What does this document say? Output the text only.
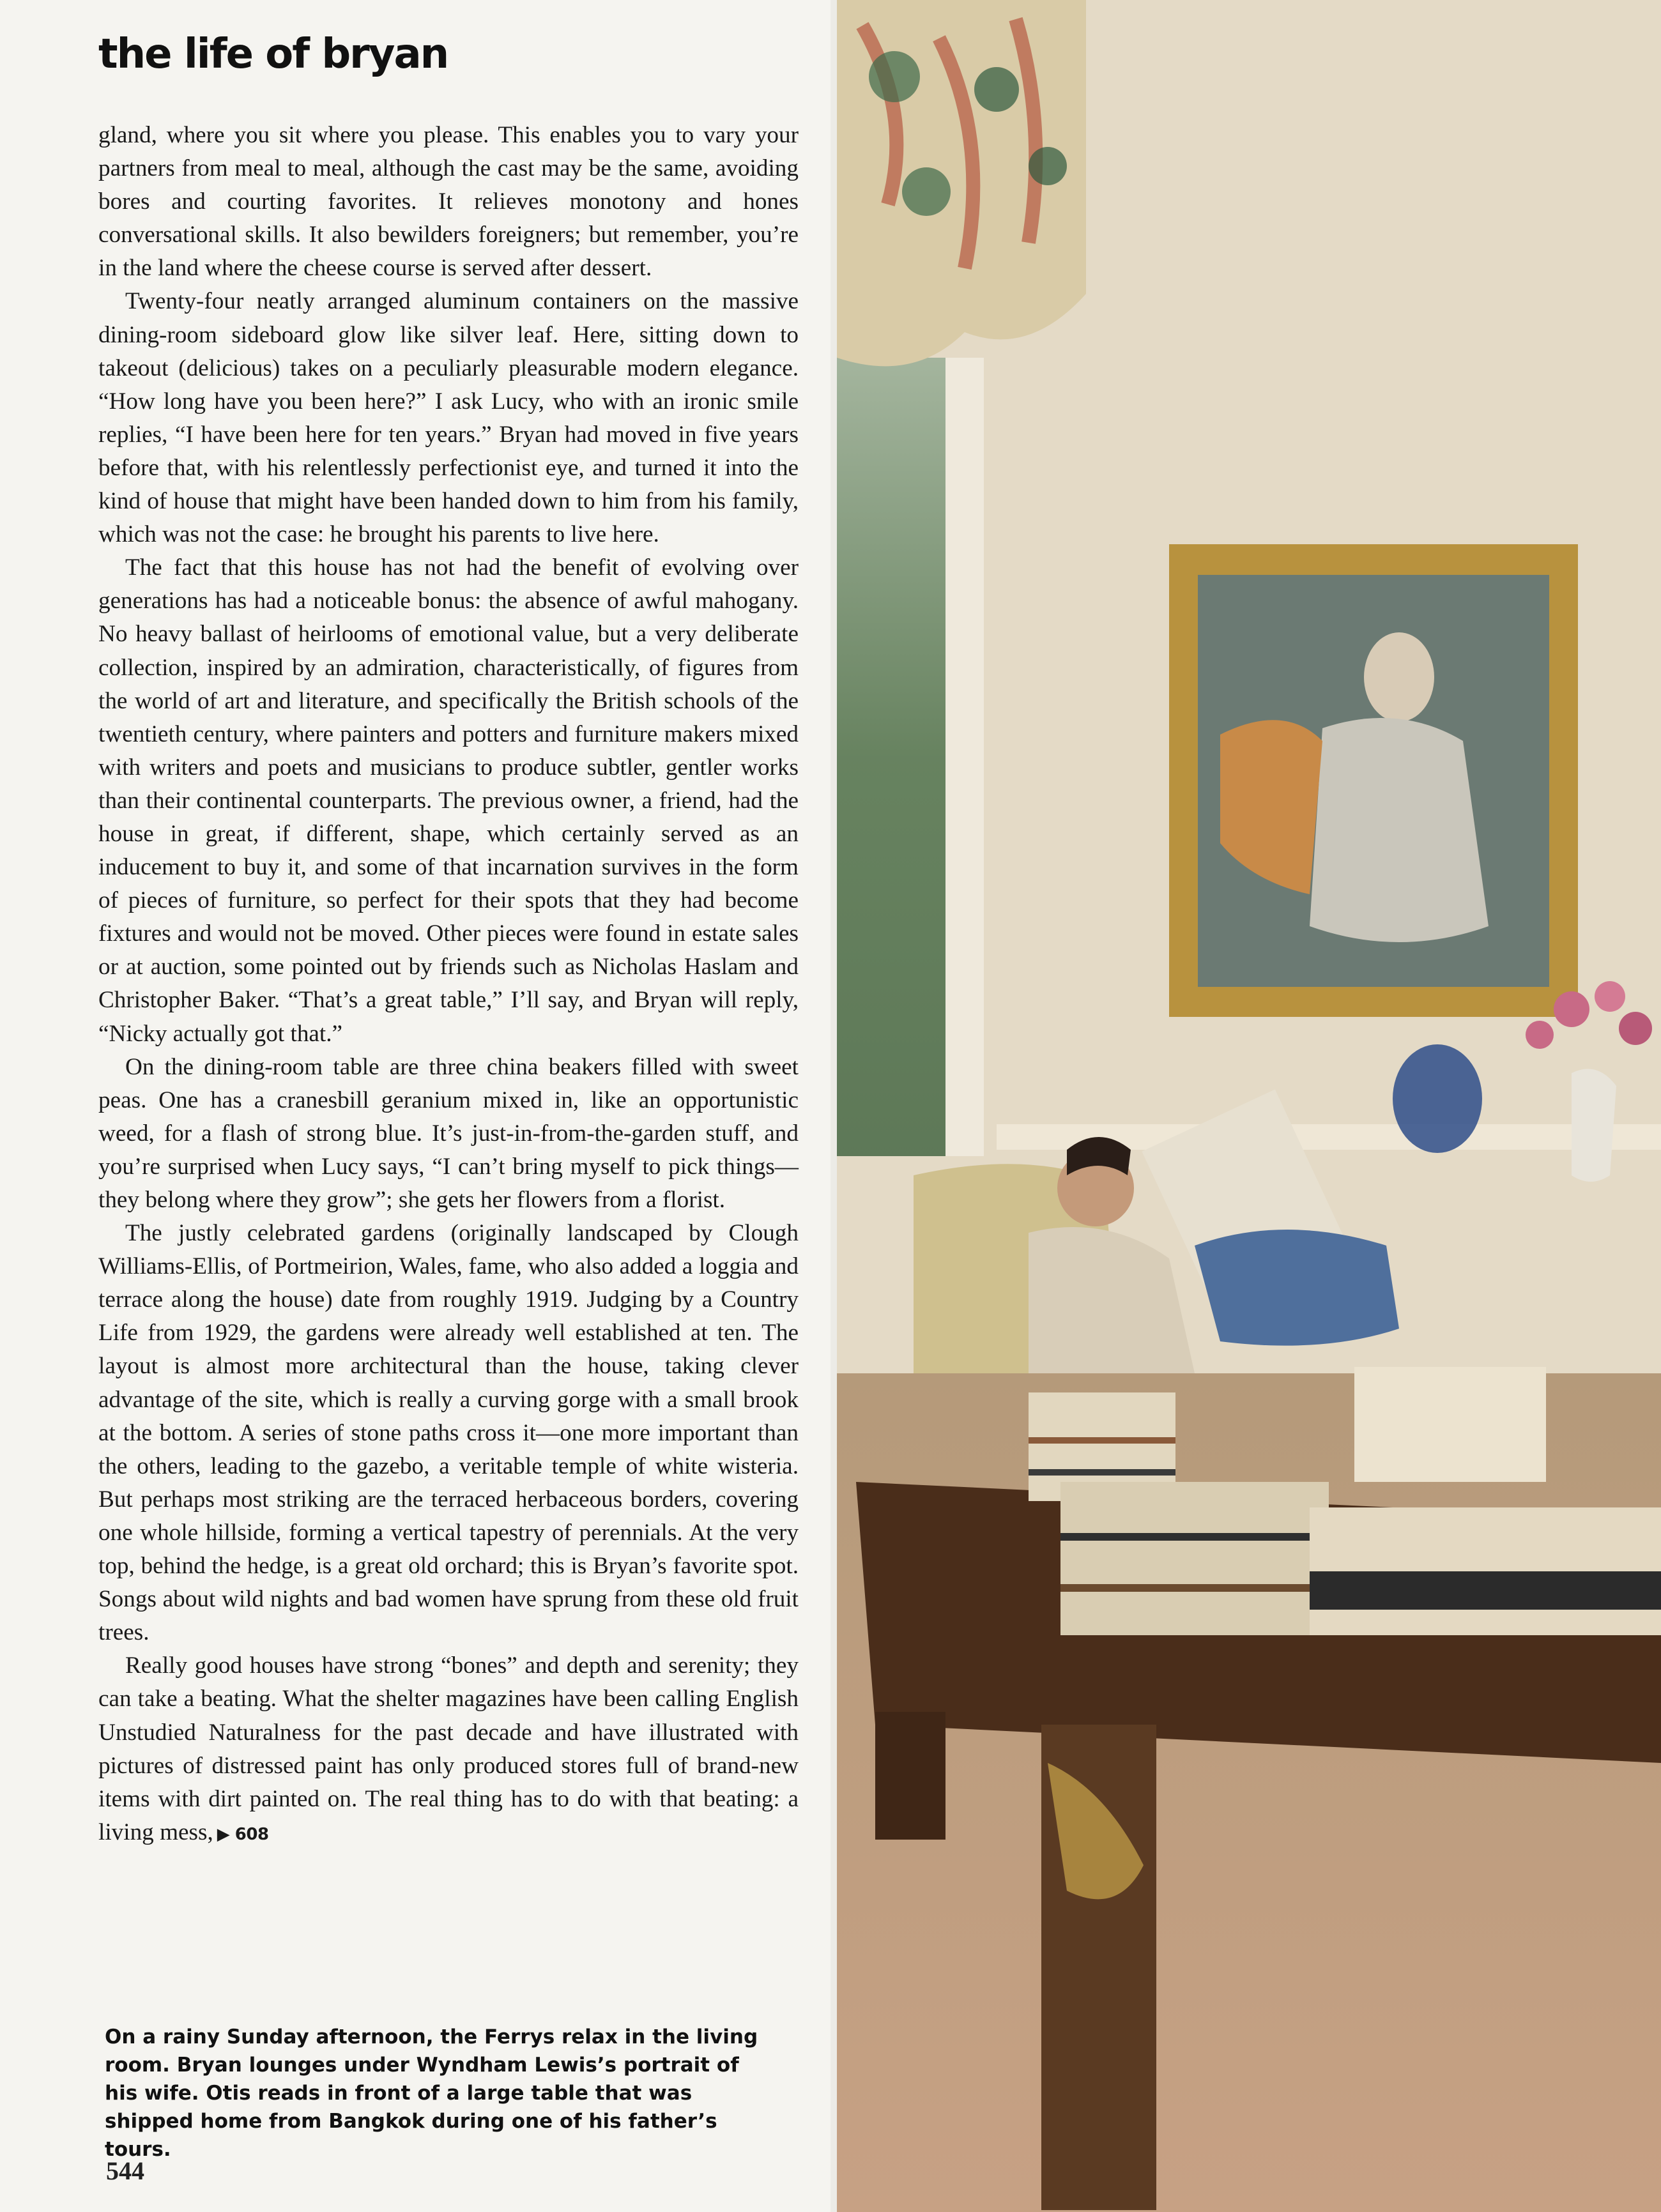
the life of bryan

gland, where you sit where you please. This enables you to vary your partners from meal to meal, although the cast may be the same, avoiding bores and courting favorites. It relieves monotony and hones conversational skills. It also bewilders foreigners; but remember, you’re in the land where the cheese course is served after dessert.

Twenty-four neatly arranged aluminum containers on the massive dining-room sideboard glow like silver leaf. Here, sitting down to takeout (delicious) takes on a peculiarly pleasurable modern elegance. “How long have you been here?” I ask Lucy, who with an ironic smile replies, “I have been here for ten years.” Bryan had moved in five years before that, with his relentlessly perfectionist eye, and turned it into the kind of house that might have been handed down to him from his family, which was not the case: he brought his parents to live here.

The fact that this house has not had the benefit of evolving over generations has had a noticeable bonus: the absence of awful mahogany. No heavy ballast of heirlooms of emotional value, but a very deliberate collection, inspired by an admiration, characteristically, of figures from the world of art and literature, and specifically the British schools of the twentieth century, where painters and potters and furniture makers mixed with writers and poets and musicians to produce subtler, gentler works than their continental counterparts. The previous owner, a friend, had the house in great, if different, shape, which certainly served as an inducement to buy it, and some of that incarnation survives in the form of pieces of furniture, so perfect for their spots that they had become fixtures and would not be moved. Other pieces were found in estate sales or at auction, some pointed out by friends such as Nicholas Haslam and Christopher Baker. “That’s a great table,” I’ll say, and Bryan will reply, “Nicky actually got that.”

On the dining-room table are three china beakers filled with sweet peas. One has a cranesbill geranium mixed in, like an opportunistic weed, for a flash of strong blue. It’s just-in-from-the-garden stuff, and you’re surprised when Lucy says, “I can’t bring myself to pick things—they belong where they grow”; she gets her flowers from a florist.

The justly celebrated gardens (originally landscaped by Clough Williams-Ellis, of Portmeirion, Wales, fame, who also added a loggia and terrace along the house) date from roughly 1919. Judging by a Country Life from 1929, the gardens were already well established at ten. The layout is almost more architectural than the house, taking clever advantage of the site, which is really a curving gorge with a small brook at the bottom. A series of stone paths cross it—one more important than the others, leading to the gazebo, a veritable temple of white wisteria. But perhaps most striking are the terraced herbaceous borders, covering one whole hillside, forming a vertical tapestry of perennials. At the very top, behind the hedge, is a great old orchard; this is Bryan’s favorite spot. Songs about wild nights and bad women have sprung from these old fruit trees.

Really good houses have strong “bones” and depth and serenity; they can take a beating. What the shelter magazines have been calling English Unstudied Naturalness for the past decade and have illustrated with pictures of distressed paint has only produced stores full of brand-new items with dirt painted on. The real thing has to do with that beating: a living mess, ▶ 608

On a rainy Sunday afternoon, the Ferrys relax in the living room. Bryan lounges under Wyndham Lewis’s portrait of his wife. Otis reads in front of a large table that was shipped home from Bangkok during one of his father’s tours.

544
